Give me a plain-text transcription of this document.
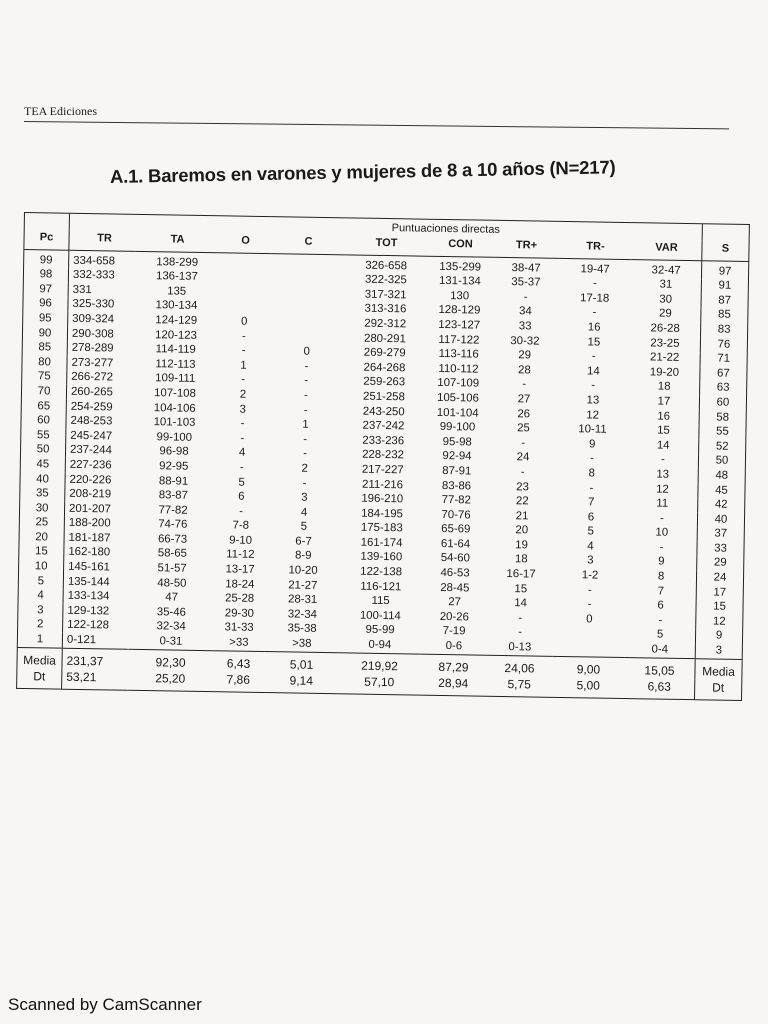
TEA Ediciones
A.1. Baremos en varones y mujeres de 8 a 10 años (N=217)
	Puntuaciones directas									
Pc	TR	TA	O	C	TOT	CON	TR+	TR-	VAR	S
99	334-658	138-299			326-658	135-299	38-47	19-47	32-47	97
98	332-333	136-137			322-325	131-134	35-37	-	31	91
97	331	135			317-321	130	-	17-18	30	87
96	325-330	130-134			313-316	128-129	34	-	29	85
95	309-324	124-129	0		292-312	123-127	33	16	26-28	83
90	290-308	120-123	-		280-291	117-122	30-32	15	23-25	76
85	278-289	114-119	-	0	269-279	113-116	29	-	21-22	71
80	273-277	112-113	1	-	264-268	110-112	28	14	19-20	67
75	266-272	109-111	-	-	259-263	107-109	-	-	18	63
70	260-265	107-108	2	-	251-258	105-106	27	13	17	60
65	254-259	104-106	3	-	243-250	101-104	26	12	16	58
60	248-253	101-103	-	1	237-242	99-100	25	10-11	15	55
55	245-247	99-100	-	-	233-236	95-98	-	9	14	52
50	237-244	96-98	4	-	228-232	92-94	24	-	-	50
45	227-236	92-95	-	2	217-227	87-91	-	8	13	48
40	220-226	88-91	5	-	211-216	83-86	23	-	12	45
35	208-219	83-87	6	3	196-210	77-82	22	7	11	42
30	201-207	77-82	-	4	184-195	70-76	21	6	-	40
25	188-200	74-76	7-8	5	175-183	65-69	20	5	10	37
20	181-187	66-73	9-10	6-7	161-174	61-64	19	4	-	33
15	162-180	58-65	11-12	8-9	139-160	54-60	18	3	9	29
10	145-161	51-57	13-17	10-20	122-138	46-53	16-17	1-2	8	24
5	135-144	48-50	18-24	21-27	116-121	28-45	15	-	7	17
4	133-134	47	25-28	28-31	115	27	14	-	6	15
3	129-132	35-46	29-30	32-34	100-114	20-26	-	0	-	12
2	122-128	32-34	31-33	35-38	95-99	7-19	-		5	9
1	0-121	0-31	>33	>38	0-94	0-6	0-13		0-4	3
Media	231,37	92,30	6,43	5,01	219,92	87,29	24,06	9,00	15,05	Media
Dt	53,21	25,20	7,86	9,14	57,10	28,94	5,75	5,00	6,63	Dt
Scanned by CamScanner
